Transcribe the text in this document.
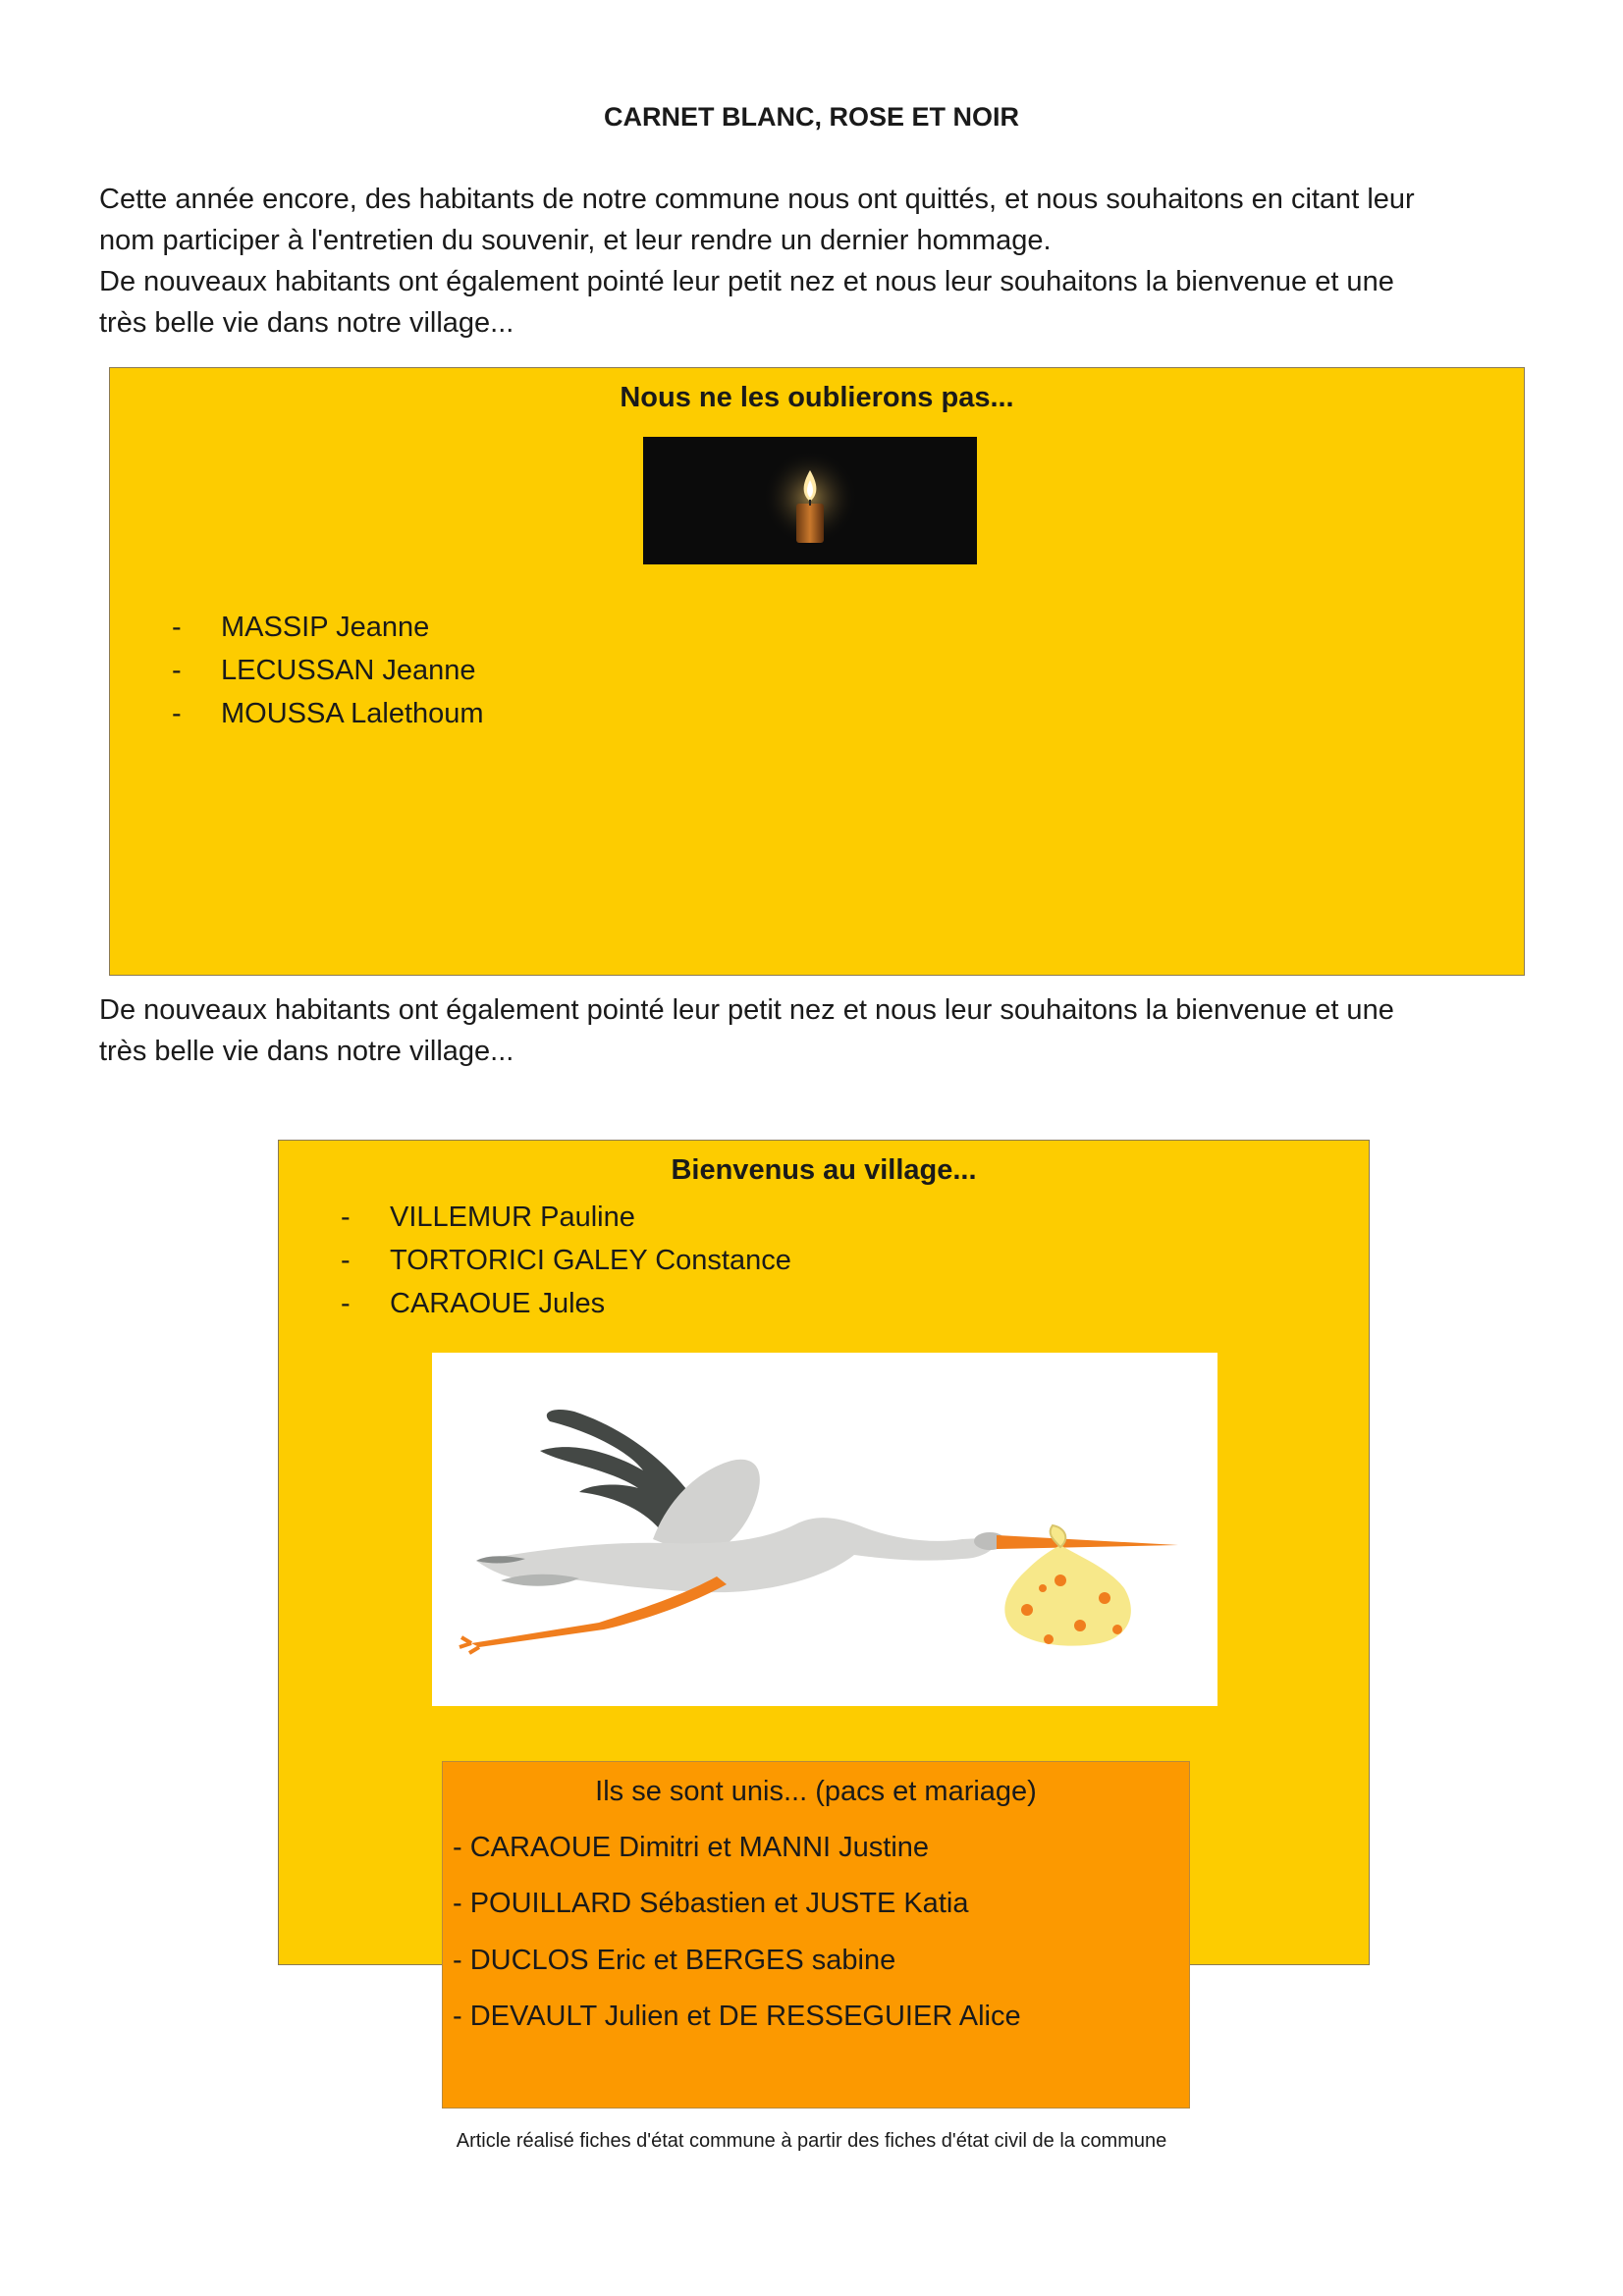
CARNET BLANC, ROSE ET NOIR

Cette année encore, des habitants de notre commune nous ont quittés, et nous souhaitons en citant leur

nom participer à l'entretien du souvenir, et leur rendre un dernier hommage.

De nouveaux habitants ont également pointé leur petit nez et nous leur souhaitons la bienvenue et une

très belle vie dans notre village...

Nous ne les oublierons pas...
‐	MASSIP Jeanne
‐	LECUSSAN Jeanne
‐	MOUSSA Lalethoum

De nouveaux habitants ont également pointé leur petit nez et nous leur souhaitons la bienvenue et une

très belle vie dans notre village...

Bienvenus au village...
‐	VILLEMUR Pauline
‐	TORTORICI GALEY Constance
‐	CARAOUE Jules
Ils se sont unis... (pacs et mariage)
- CARAOUE Dimitri et MANNI Justine
- POUILLARD Sébastien et JUSTE Katia
- DUCLOS Eric et BERGES sabine
- DEVAULT Julien et DE RESSEGUIER Alice
Article réalisé fiches d'état commune à partir des fiches d'état civil de la commune
